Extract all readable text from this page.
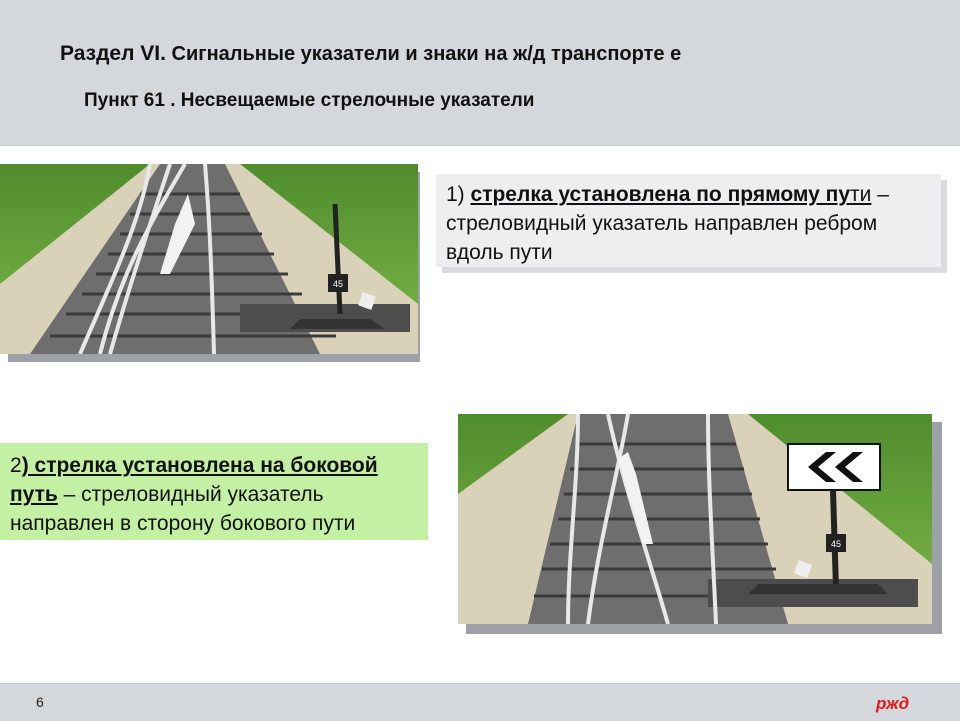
Раздел VI. Сигнальные указатели и знаки на ж/д транспорте е
Пункт 61 . Несвещаемые стрелочные указатели
45
1) стрелка установлена по прямому пути – стреловидный указатель направлен ребром вдоль пути
45
2) стрелка установлена на боковой путь – стреловидный указатель направлен в сторону бокового пути
6	ржд
